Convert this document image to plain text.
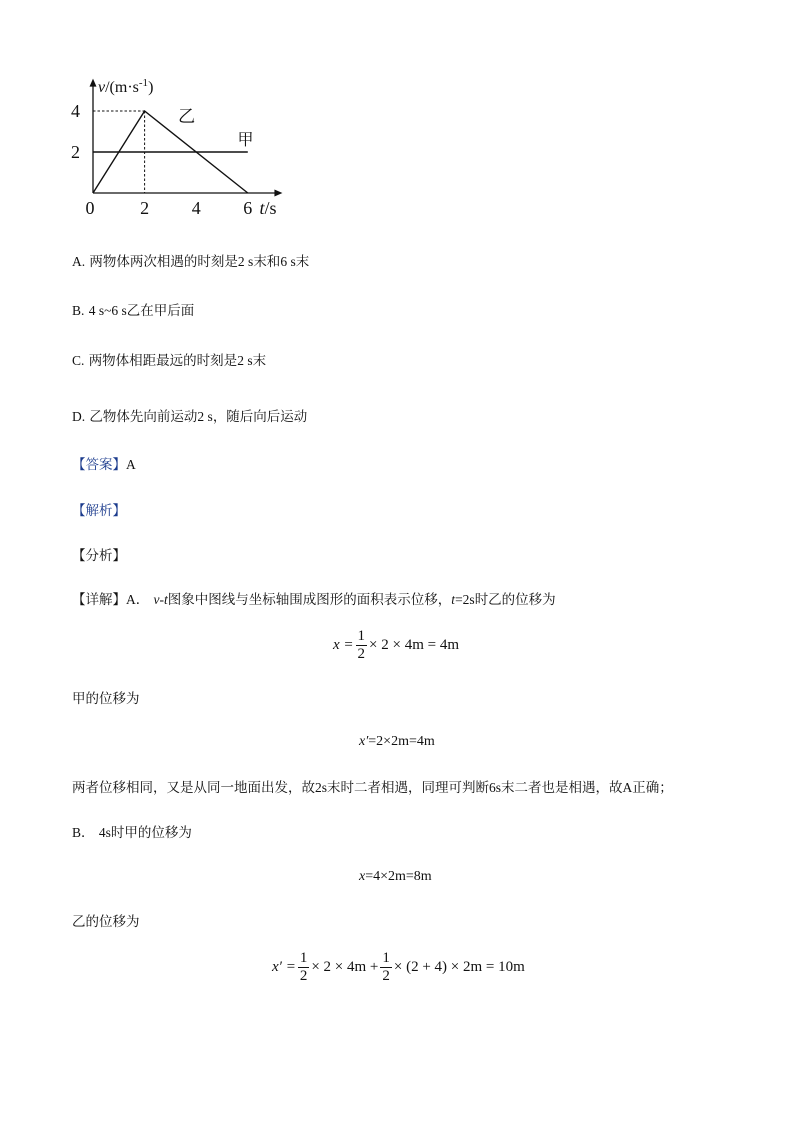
甲
乙
0	2 4 6
2
4
$v/(m\cdot s^{-1})$
t/s
A. 两物体两次相遇的时刻是2 s末和6 s末
B. 4 s~6 s乙在甲后面
C. 两物体相距最远的时刻是2 s末
D. 乙物体先向前运动2 s，随后向后运动
【答案】A
【解析】
【分析】
【详解】A． v-t图象中图线与坐标轴围成图形的面积表示位移，t=2s时乙的位移为
$x = \frac{1}{2} \times 2 \times 4m = 4m$
甲的位移为
x′=2×2m=4m
两者位移相同，又是从同一地面出发，故2s末时二者相遇，同理可判断6s末二者也是相遇，故A正确；
B． 4s时甲的位移为
x=4×2m=8m
乙的位移为
$x' = \frac{1}{2} \times 2 \times 4m + \frac{1}{2} \times (2 + 4) \times 2m = 10m$
